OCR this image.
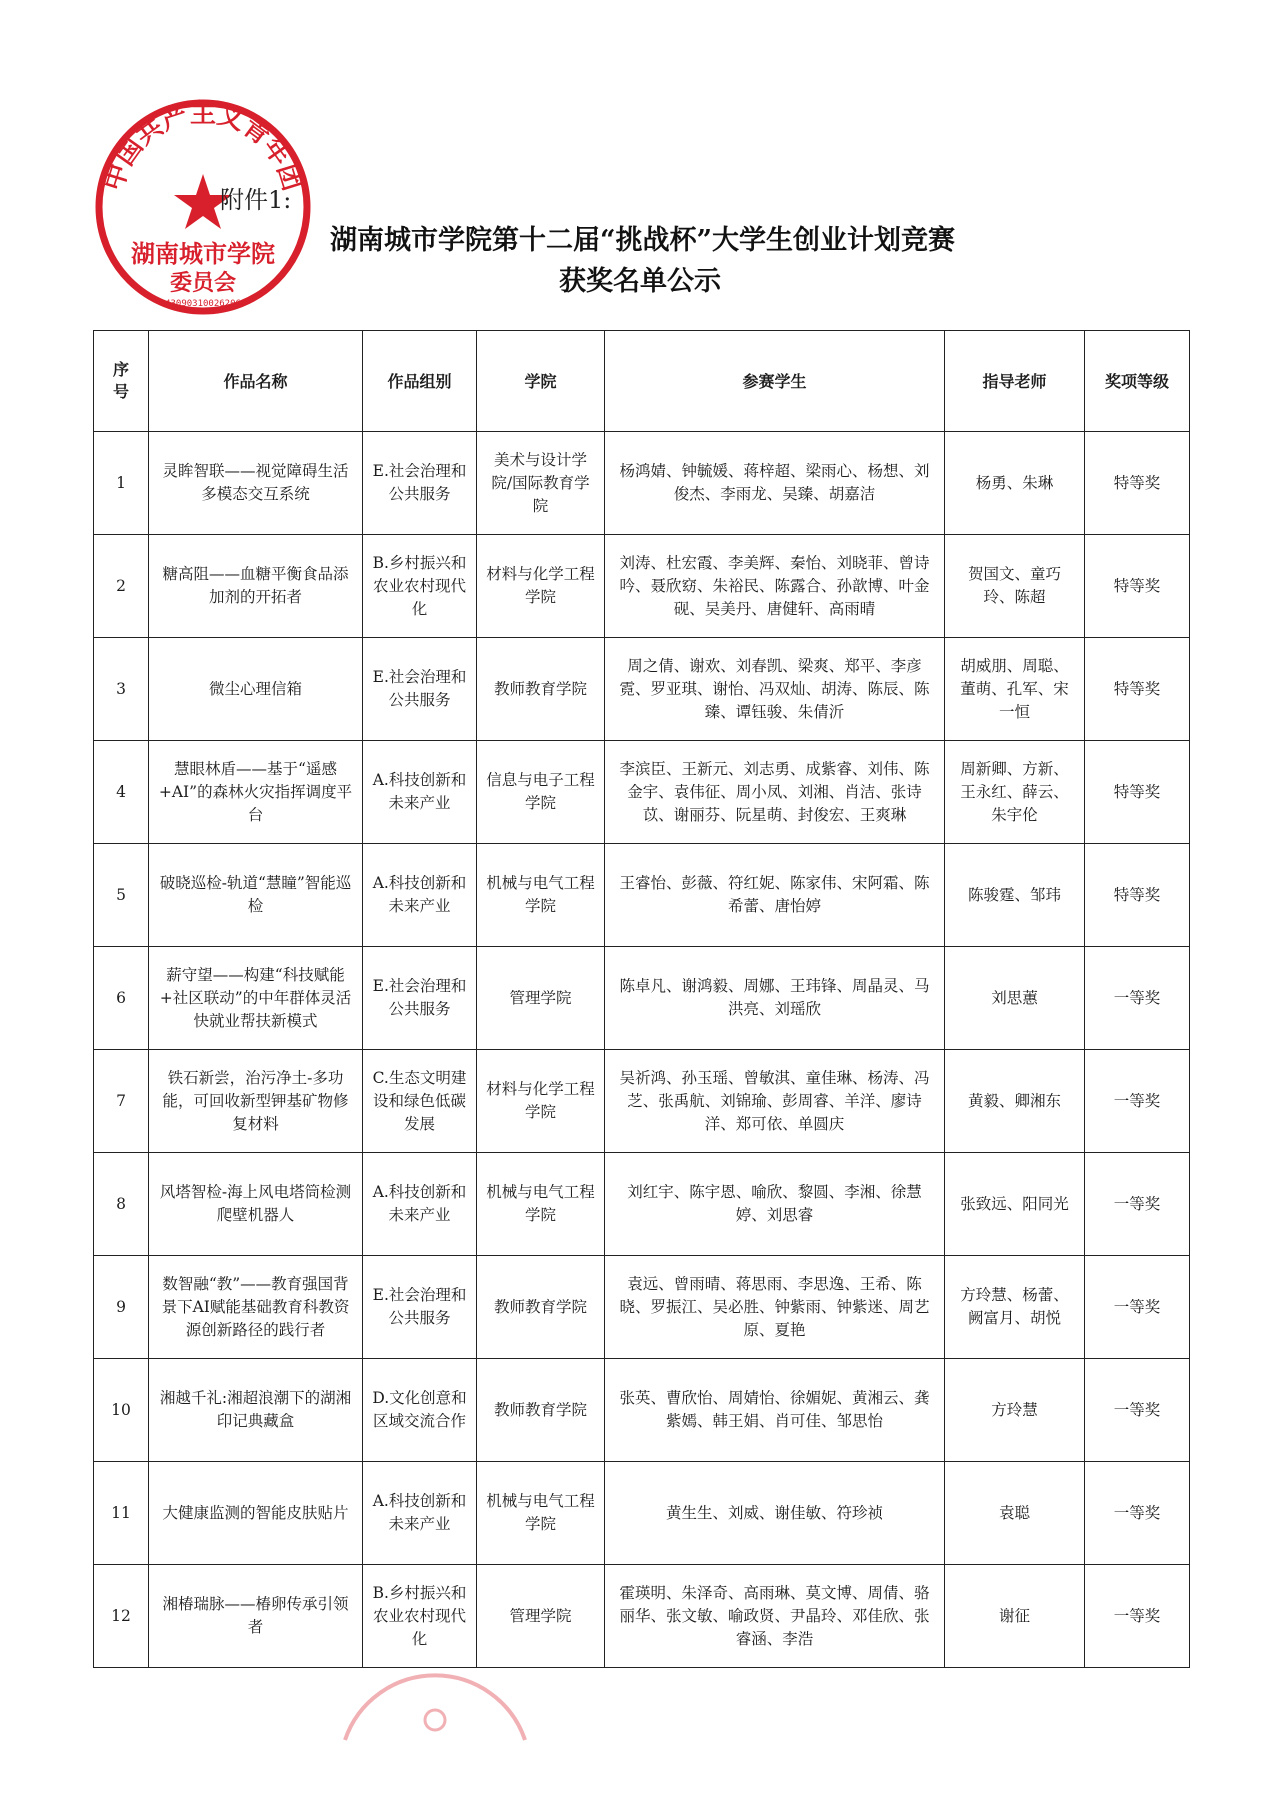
中国共产主义青年团
湖南城市学院
委员会
43090310026206
附件1:
湖南城市学院第十二届“挑战杯”大学生创业计划竞赛
获奖名单公示
序号	作品名称	作品组别	学院	参赛学生	指导老师	奖项等级
1	灵眸智联——视觉障碍生活多模态交互系统	E.社会治理和公共服务	美术与设计学院/国际教育学院	杨鸿婧、钟毓媛、蒋梓超、梁雨心、杨想、刘俊杰、李雨龙、吴臻、胡嘉洁	杨勇、朱琳	特等奖
2	糖高阻——血糖平衡食品添加剂的开拓者	B.乡村振兴和农业农村现代化	材料与化学工程学院	刘涛、杜宏霞、李美辉、秦怡、刘晓菲、曾诗吟、聂欣窈、朱裕民、陈露合、孙歆博、叶金砚、吴美丹、唐健轩、高雨晴	贺国文、童巧玲、陈超	特等奖
3	微尘心理信箱	E.社会治理和公共服务	教师教育学院	周之倩、谢欢、刘春凯、梁爽、郑平、李彦霓、罗亚琪、谢怡、冯双灿、胡涛、陈辰、陈臻、谭钰骏、朱倩沂	胡威朋、周聪、董萌、孔军、宋一恒	特等奖
4	慧眼林盾——基于“遥感+AI”的森林火灾指挥调度平台	A.科技创新和未来产业	信息与电子工程学院	李滨臣、王新元、刘志勇、成紫睿、刘伟、陈金宇、袁伟征、周小凤、刘湘、肖洁、张诗苡、谢丽芬、阮星萌、封俊宏、王爽琳	周新卿、方新、王永红、薛云、朱宇伦	特等奖
5	破晓巡检-轨道“慧瞳”智能巡检	A.科技创新和未来产业	机械与电气工程学院	王睿怡、彭薇、符红妮、陈家伟、宋阿霜、陈希蕾、唐怡婷	陈骏霆、邹玮	特等奖
6	薪守望——构建“科技赋能+社区联动”的中年群体灵活快就业帮扶新模式	E.社会治理和公共服务	管理学院	陈卓凡、谢鸿毅、周娜、王玮锋、周晶灵、马洪亮、刘瑶欣	刘思蕙	一等奖
7	铁石新尝，治污净土-多功能，可回收新型钾基矿物修复材料	C.生态文明建设和绿色低碳发展	材料与化学工程学院	吴祈鸿、孙玉瑶、曾敏淇、童佳琳、杨涛、冯芝、张禹航、刘锦瑜、彭周睿、羊洋、廖诗洋、郑可依、单圆庆	黄毅、卿湘东	一等奖
8	风塔智检-海上风电塔筒检测爬壁机器人	A.科技创新和未来产业	机械与电气工程学院	刘红宇、陈宇恩、喻欣、黎圆、李湘、徐慧婷、刘思睿	张致远、阳同光	一等奖
9	数智融“教”——教育强国背景下AI赋能基础教育科教资源创新路径的践行者	E.社会治理和公共服务	教师教育学院	袁远、曾雨晴、蒋思雨、李思逸、王希、陈晓、罗振江、吴必胜、钟紫雨、钟紫迷、周艺原、夏艳	方玲慧、杨蕾、阙富月、胡悦	一等奖
10	湘越千礼:湘超浪潮下的湖湘印记典藏盒	D.文化创意和区域交流合作	教师教育学院	张英、曹欣怡、周婧怡、徐媚妮、黄湘云、龚紫嫣、韩王娟、肖可佳、邹思怡	方玲慧	一等奖
11	大健康监测的智能皮肤贴片	A.科技创新和未来产业	机械与电气工程学院	黄生生、刘威、谢佳敏、符珍祯	袁聪	一等奖
12	湘椿瑞脉——椿卵传承引领者	B.乡村振兴和农业农村现代化	管理学院	霍瑛明、朱泽奇、高雨琳、莫文博、周倩、骆丽华、张文敏、喻政贤、尹晶玲、邓佳欣、张睿涵、李浩	谢征	一等奖
